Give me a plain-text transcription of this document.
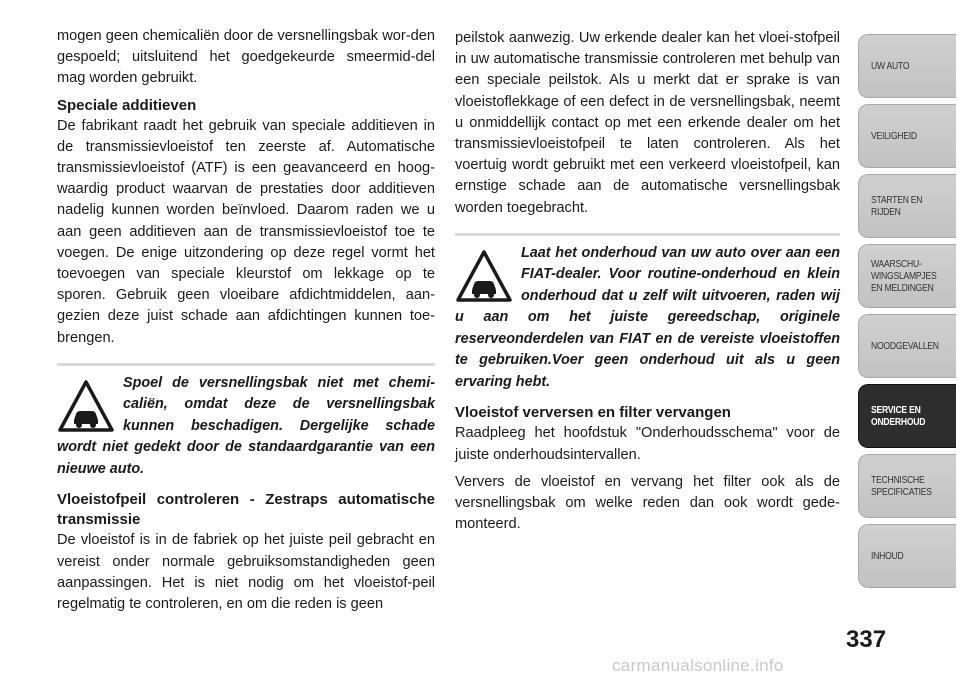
mogen geen chemicaliën door de versnellingsbak wor-den gespoeld; uitsluitend het goedgekeurde smeermid-del mag worden gebruikt.

Speciale additieven

De fabrikant raadt het gebruik van speciale additieven in de transmissievloeistof ten zeerste af. Automatische transmissievloeistof (ATF) is een geavanceerd en hoog-waardig product waarvan de prestaties door additieven nadelig kunnen worden beïnvloed. Daarom raden we u aan geen additieven aan de transmissievloeistof toe te voegen. De enige uitzondering op deze regel vormt het toevoegen van speciale kleurstof om lekkage op te sporen. Gebruik geen vloeibare afdichtmiddelen, aan-gezien deze juist schade aan afdichtingen kunnen toe-brengen.

Spoel de versnellingsbak niet met chemi-caliën, omdat deze de versnellingsbak kunnen beschadigen. Dergelijke schade wordt niet gedekt door de standaardgarantie van een nieuwe auto.
Vloeistofpeil controleren - Zestraps automatische transmissie

De vloeistof is in de fabriek op het juiste peil gebracht en vereist onder normale gebruiksomstandigheden geen aanpassingen. Het is niet nodig om het vloeistof-peil regelmatig te controleren, en om die reden is geen

peilstok aanwezig. Uw erkende dealer kan het vloei-stofpeil in uw automatische transmissie controleren met behulp van een speciale peilstok. Als u merkt dat er sprake is van vloeistoflekkage of een defect in de versnellingsbak, neemt u onmiddellijk contact op met een erkende dealer om het transmissievloeistofpeil te laten controleren. Als het voertuig wordt gebruikt met een verkeerd vloeistofpeil, kan ernstige schade aan de automatische versnellingsbak worden toegebracht.

Laat het onderhoud van uw auto over aan een FIAT-dealer. Voor routine-onderhoud en klein onderhoud dat u zelf wilt uitvoeren, raden wij u aan om het juiste gereedschap, originele reserveonderdelen van FIAT en de vereiste vloeistoffen te gebruiken.Voer geen onderhoud uit als u geen ervaring hebt.
Vloeistof verversen en filter vervangen

Raadpleeg het hoofdstuk "Onderhoudsschema" voor de juiste onderhoudsintervallen.

Ververs de vloeistof en vervang het filter ook als de versnellingsbak om welke reden dan ook wordt gede-monteerd.

UW AUTO
VEILIGHEID
STARTEN EN
RIJDEN
WAARSCHU-
WINGSLAMPJES
EN MELDINGEN
NOODGEVALLEN
SERVICE EN
ONDERHOUD
TECHNISCHE
SPECIFICATIES
INHOUD
337
carmanualsonline.info
